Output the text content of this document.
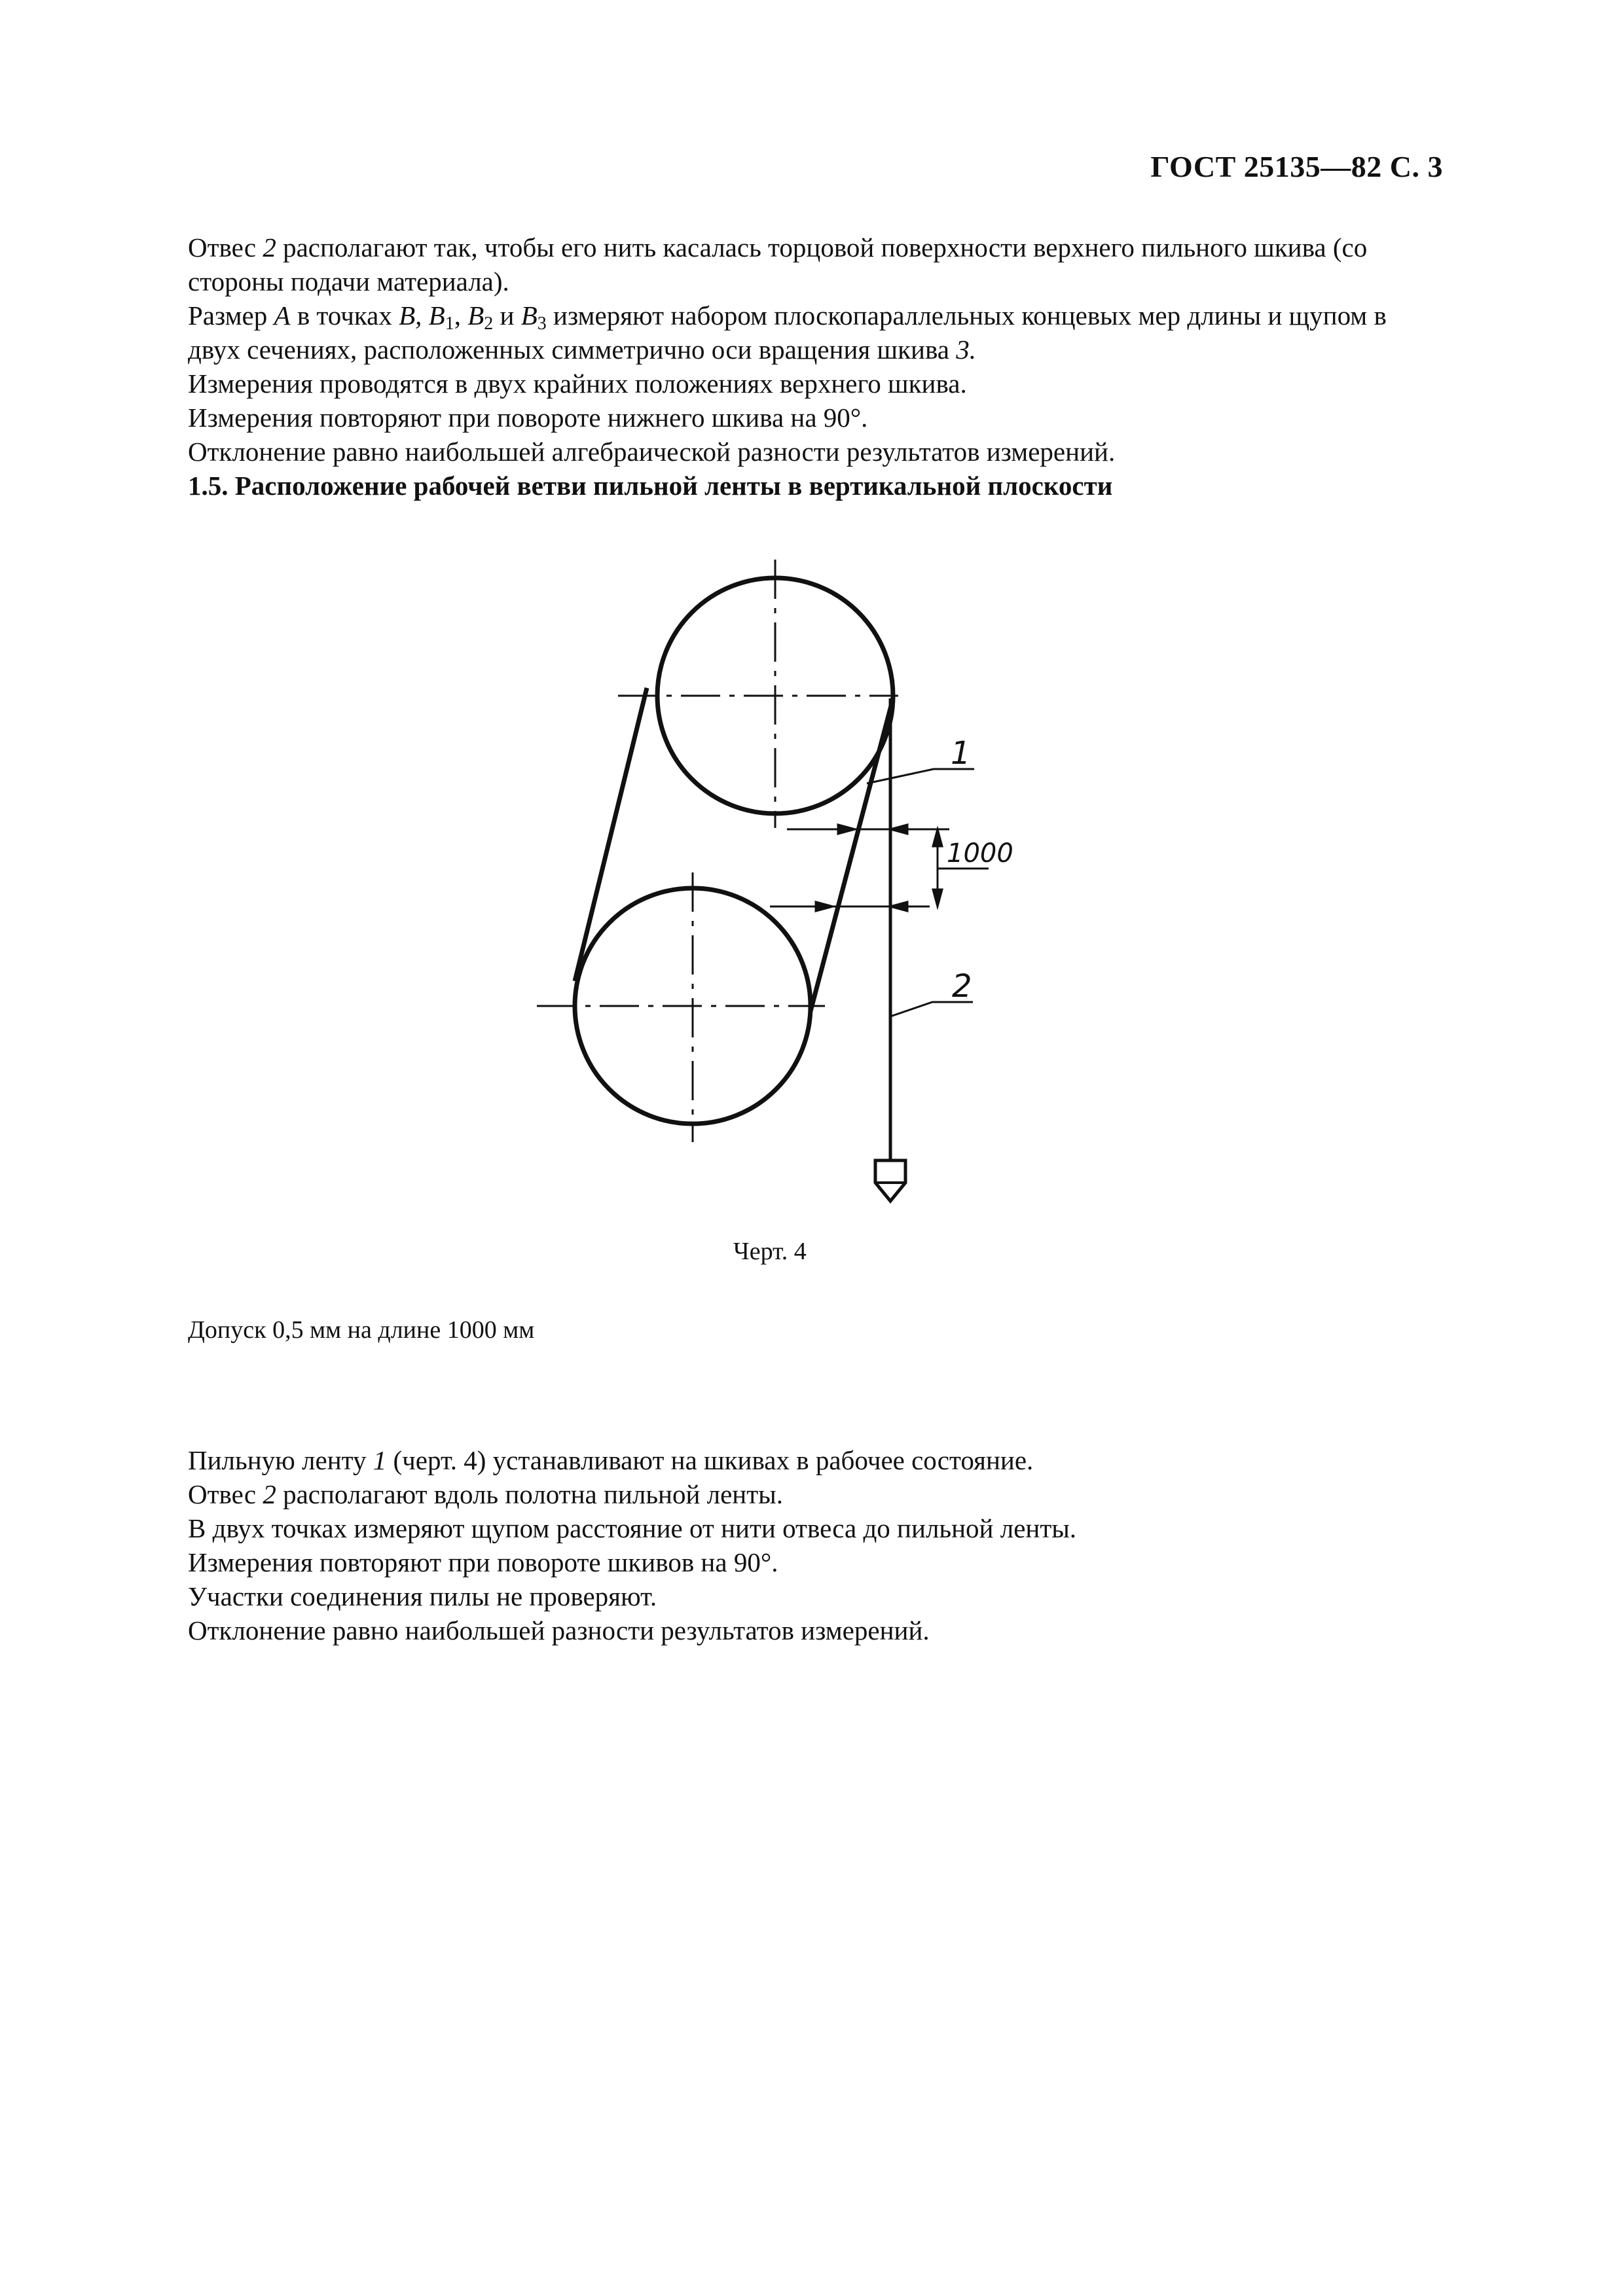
ГОСТ 25135—82 С. 3

Отвес 2 располагают так, чтобы его нить касалась торцовой поверхности верхнего пильного шкива (со стороны подачи материала).

Размер А в точках В, $В_1$, $В_2$ и $В_3$ измеряют набором плоскопараллельных концевых мер длины и щупом в двух сечениях, расположенных симметрично оси вращения шкива 3.

Измерения проводятся в двух крайних положениях верхнего шкива.

Измерения повторяют при повороте нижнего шкива на 90°.

Отклонение равно наибольшей алгебраической разности результатов измерений.

1.5. Расположение рабочей ветви пильной ленты в вертикальной плоскости

1000
1
2
Черт. 4
Допуск 0,5 мм на длине 1000 мм

Пильную ленту 1 (черт. 4) устанавливают на шкивах в рабочее состояние.

Отвес 2 располагают вдоль полотна пильной ленты.

В двух точках измеряют щупом расстояние от нити отвеса до пильной ленты.

Измерения повторяют при повороте шкивов на 90°.

Участки соединения пилы не проверяют.

Отклонение равно наибольшей разности результатов измерений.
